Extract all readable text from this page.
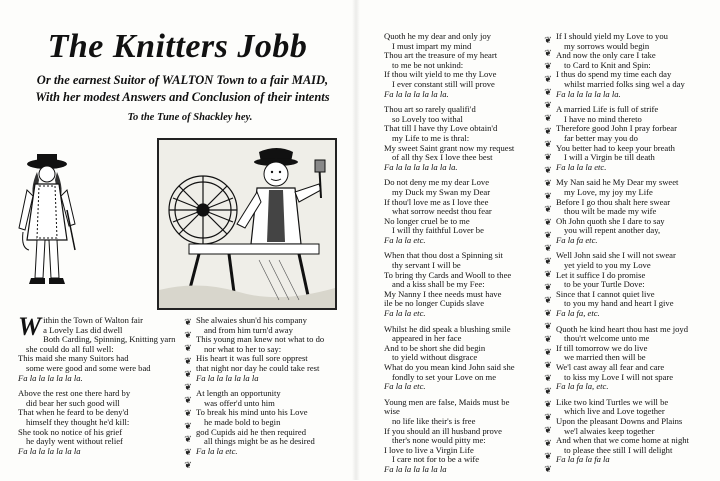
The Knitters Jobb
Or the earnest Suitor of WALTON Town to a fair MAID,
With her modest Answers and Conclusion of their intents
To the Tune of Shackley hey.
W ithin the Town of Walton fair
a Lovely Las did dwell
Both Carding, Spinning, Knitting yarn
she could do all full well:
This maid she many Suitors had
some were good and some were bad
Fa la la la la la la.
Above the rest one there hard by
did bear her such good will
That when he feard to be deny'd
himself they thought he'd kill:
She took no notice of his grief
he dayly went without relief
Fa la la la la la la
❦
❦
❦
❦
❦
❦
❦
❦
❦
❦
❦
❦
She alwaies shun'd his company
and from him turn'd away
This young man knew not what to do
nor what to her to say:
His heart it was full sore opprest
that night nor day he could take rest
Fa la la la la la la
At length an opportunity
was offer'd unto him
To break his mind unto his Love
he made bold to begin
god Cupids aid he then required
all things might be as he desired
Fa la la etc.
Quoth he my dear and only joy
I must impart my mind
Thou art the treasure of my heart
to me be not unkind:
If thou wilt yield to me thy Love
I ever constant still will prove
Fa la la la la la la.
Thou art so rarely qualifi'd
so Lovely too withal
That till I have thy Love obtain'd
my Life to me is thral:
My sweet Saint grant now my request
of all thy Sex I love thee best
Fa la la la la la la la.
Do not deny me my dear Love
my Duck my Swan my Dear
If thou'l love me as I love thee
what sorrow needst thou fear
No longer cruel be to me
I will thy faithful Lover be
Fa la la etc.
When that thou dost a Spinning sit
thy servant I will be
To bring thy Cards and Wooll to thee
and a kiss shall be my Fee:
My Nanny I thee needs must have
ile be no longer Cupids slave
Fa la la etc.
Whilst he did speak a blushing smile
appeared in her face
And to be short she did begin
to yield without disgrace
What do you mean kind John said she
fondly to set your Love on me
Fa la la etc.
Young men are false, Maids must be
wise
no life like their's is free
If you should an ill husband prove
ther's none would pitty me:
I love to live a Virgin Life
I care not for to be a wife
Fa la la la la la la
❦
❦
❦
❦
❦
❦
❦
❦
❦
❦
❦
❦
❦
❦
❦
❦
❦
❦
❦
❦
❦
❦
❦
❦
❦
❦
❦
❦
❦
❦
❦
❦
❦
❦
If I should yield my Love to you
my sorrows would begin
And now the only care I take
to Card to Knit and Spin:
I thus do spend my time each day
whilst married folks sing wel a day
Fa la la la la la la.
A married Life is full of strife
I have no mind thereto
Therefore good John I pray forbear
far better may you do
You better had to keep your breath
I will a Virgin be till death
Fa la la la etc.
My Nan said he My Dear my sweet
my Love, my joy my Life
Before I go thou shalt here swear
thou wilt be made my wife
Oh John quoth she I dare to say
you will repent another day,
Fa la fa etc.
Well John said she I will not swear
yet yield to you my Love
Let it suffice I do promise
to be your Turtle Dove:
Since that I cannot quiet live
to you my hand and heart I give
Fa la fa, etc.
Quoth he kind heart thou hast me joyd
thou'rt welcome unto me
If till tomorrow we do live
we married then will be
We'l cast away all fear and care
to kiss my Love I will not spare
Fa la fa la, etc.
Like two kind Turtles we will be
which live and Love together
Upon the pleasant Downs and Plains
we'l alwaies keep together
And when that we come home at night
to please thee still I will delight
Fa la fa la fa la
